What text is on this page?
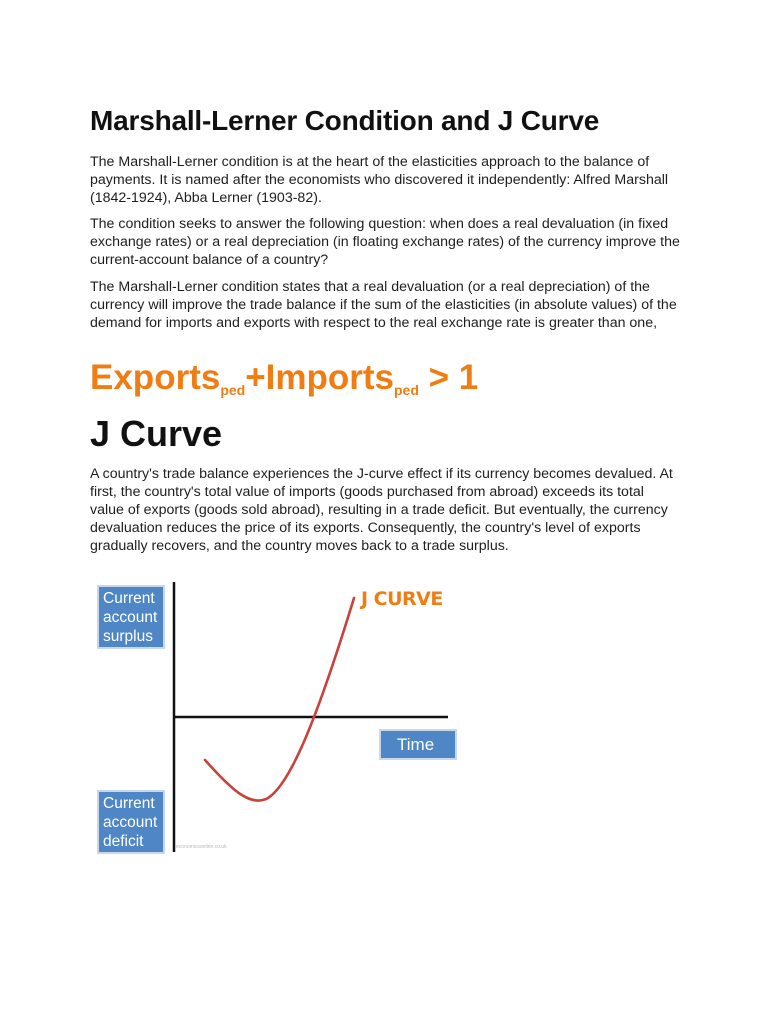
Marshall-Lerner Condition and J Curve

The Marshall-Lerner condition is at the heart of the elasticities approach to the balance of payments. It is named after the economists who discovered it independently: Alfred Marshall (1842-1924), Abba Lerner (1903-82).

The condition seeks to answer the following question: when does a real devaluation (in fixed exchange rates) or a real depreciation (in floating exchange rates) of the currency improve the current-account balance of a country?

The Marshall-Lerner condition states that a real devaluation (or a real depreciation) of the currency will improve the trade balance if the sum of the elasticities (in absolute values) of the demand for imports and exports with respect to the real exchange rate is greater than one,

J Curve

A country's trade balance experiences the J-curve effect if its currency becomes devalued. At first, the country's total value of imports (goods purchased from abroad) exceeds its total value of exports (goods sold abroad), resulting in a trade deficit. But eventually, the currency devaluation reduces the price of its exports. Consequently, the country's level of exports gradually recovers, and the country moves back to a trade surplus.

Exports$_{ped}$+Imports$_{ped}$ > 1
Current
account
surplus
Current
account
deficit
Time
J CURVE
economicsonline.co.uk
